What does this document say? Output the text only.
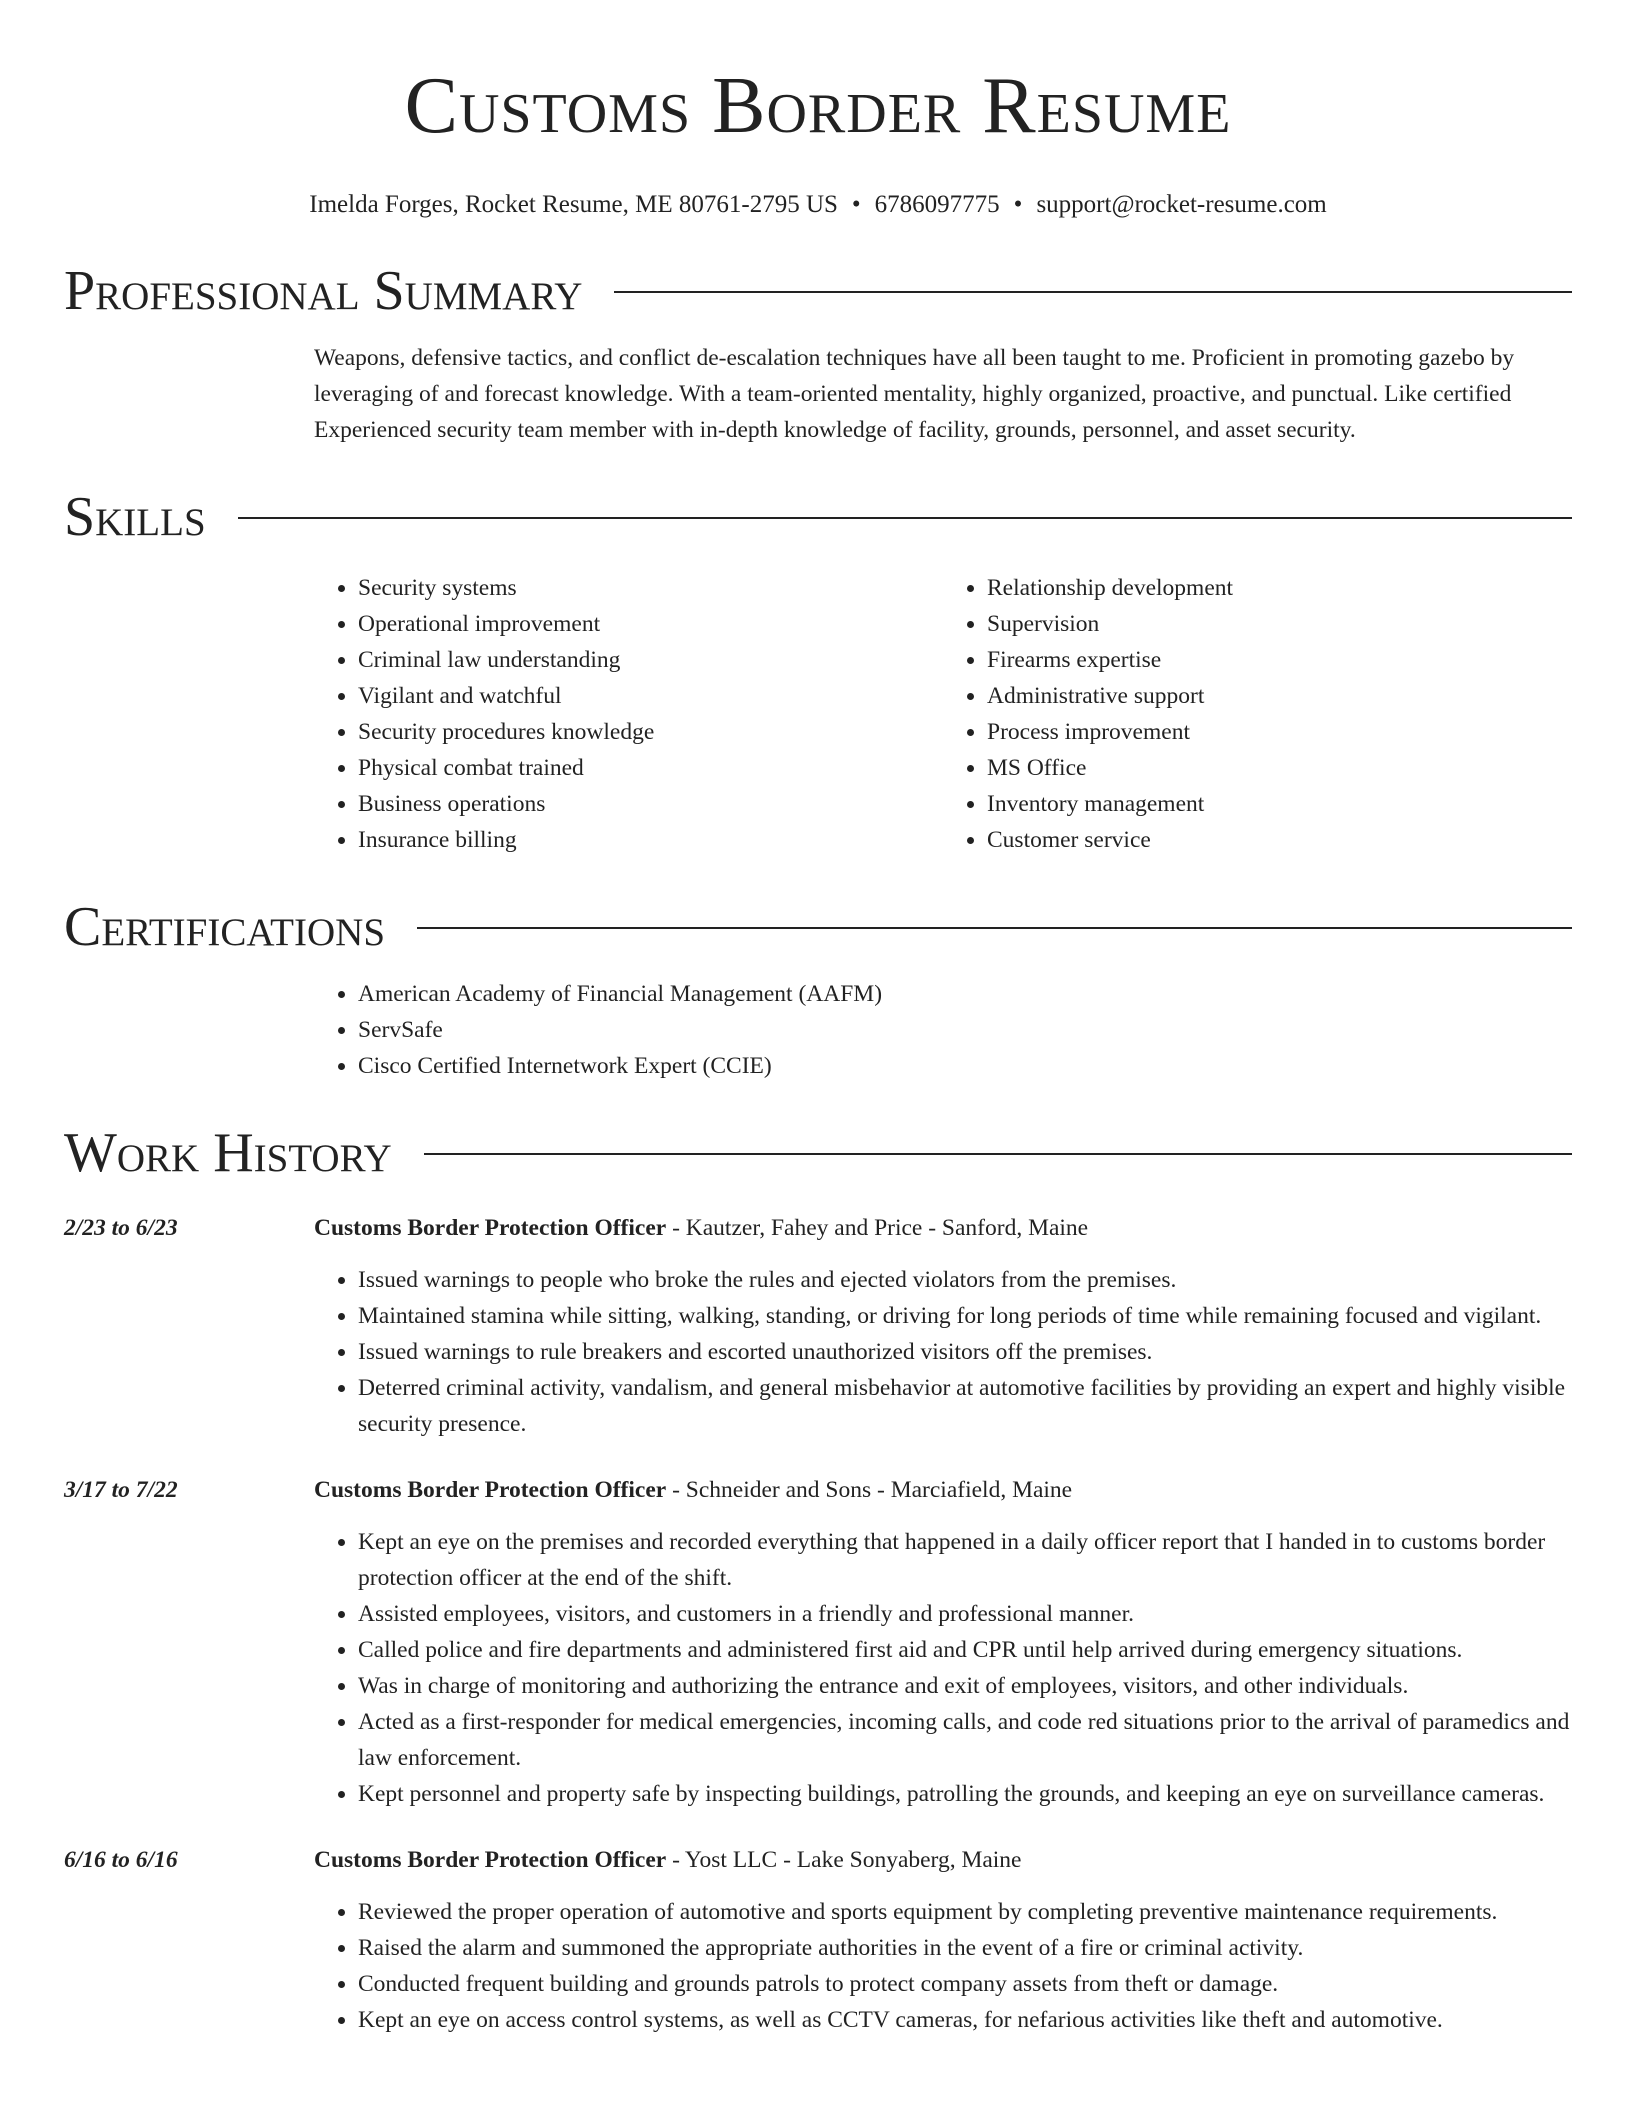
Customs Border Resume
Imelda Forges, Rocket Resume, ME 80761-2795 US • 6786097775 • support@rocket-resume.com
Professional Summary
Weapons, defensive tactics, and conflict de-escalation techniques have all been taught to me. Proficient in promoting gazebo by leveraging of and forecast knowledge. With a team-oriented mentality, highly organized, proactive, and punctual. Like certified Experienced security team member with in-depth knowledge of facility, grounds, personnel, and asset security.
Skills
• Security systems
• Operational improvement
• Criminal law understanding
• Vigilant and watchful
• Security procedures knowledge
• Physical combat trained
• Business operations
• Insurance billing
• Relationship development
• Supervision
• Firearms expertise
• Administrative support
• Process improvement
• MS Office
• Inventory management
• Customer service
Certifications
• American Academy of Financial Management (AAFM)
• ServSafe
• Cisco Certified Internetwork Expert (CCIE)
Work History
2/23 to 6/23	Customs Border Protection Officer - Kautzer, Fahey and Price - Sanford, Maine
• Issued warnings to people who broke the rules and ejected violators from the premises.
• Maintained stamina while sitting, walking, standing, or driving for long periods of time while remaining focused and vigilant.
• Issued warnings to rule breakers and escorted unauthorized visitors off the premises.
• Deterred criminal activity, vandalism, and general misbehavior at automotive facilities by providing an expert and highly visible security presence.
3/17 to 7/22	Customs Border Protection Officer - Schneider and Sons - Marciafield, Maine
• Kept an eye on the premises and recorded everything that happened in a daily officer report that I handed in to customs border protection officer at the end of the shift.
• Assisted employees, visitors, and customers in a friendly and professional manner.
• Called police and fire departments and administered first aid and CPR until help arrived during emergency situations.
• Was in charge of monitoring and authorizing the entrance and exit of employees, visitors, and other individuals.
• Acted as a first-responder for medical emergencies, incoming calls, and code red situations prior to the arrival of paramedics and law enforcement.
• Kept personnel and property safe by inspecting buildings, patrolling the grounds, and keeping an eye on surveillance cameras.
6/16 to 6/16	Customs Border Protection Officer - Yost LLC - Lake Sonyaberg, Maine
• Reviewed the proper operation of automotive and sports equipment by completing preventive maintenance requirements.
• Raised the alarm and summoned the appropriate authorities in the event of a fire or criminal activity.
• Conducted frequent building and grounds patrols to protect company assets from theft or damage.
• Kept an eye on access control systems, as well as CCTV cameras, for nefarious activities like theft and automotive.
